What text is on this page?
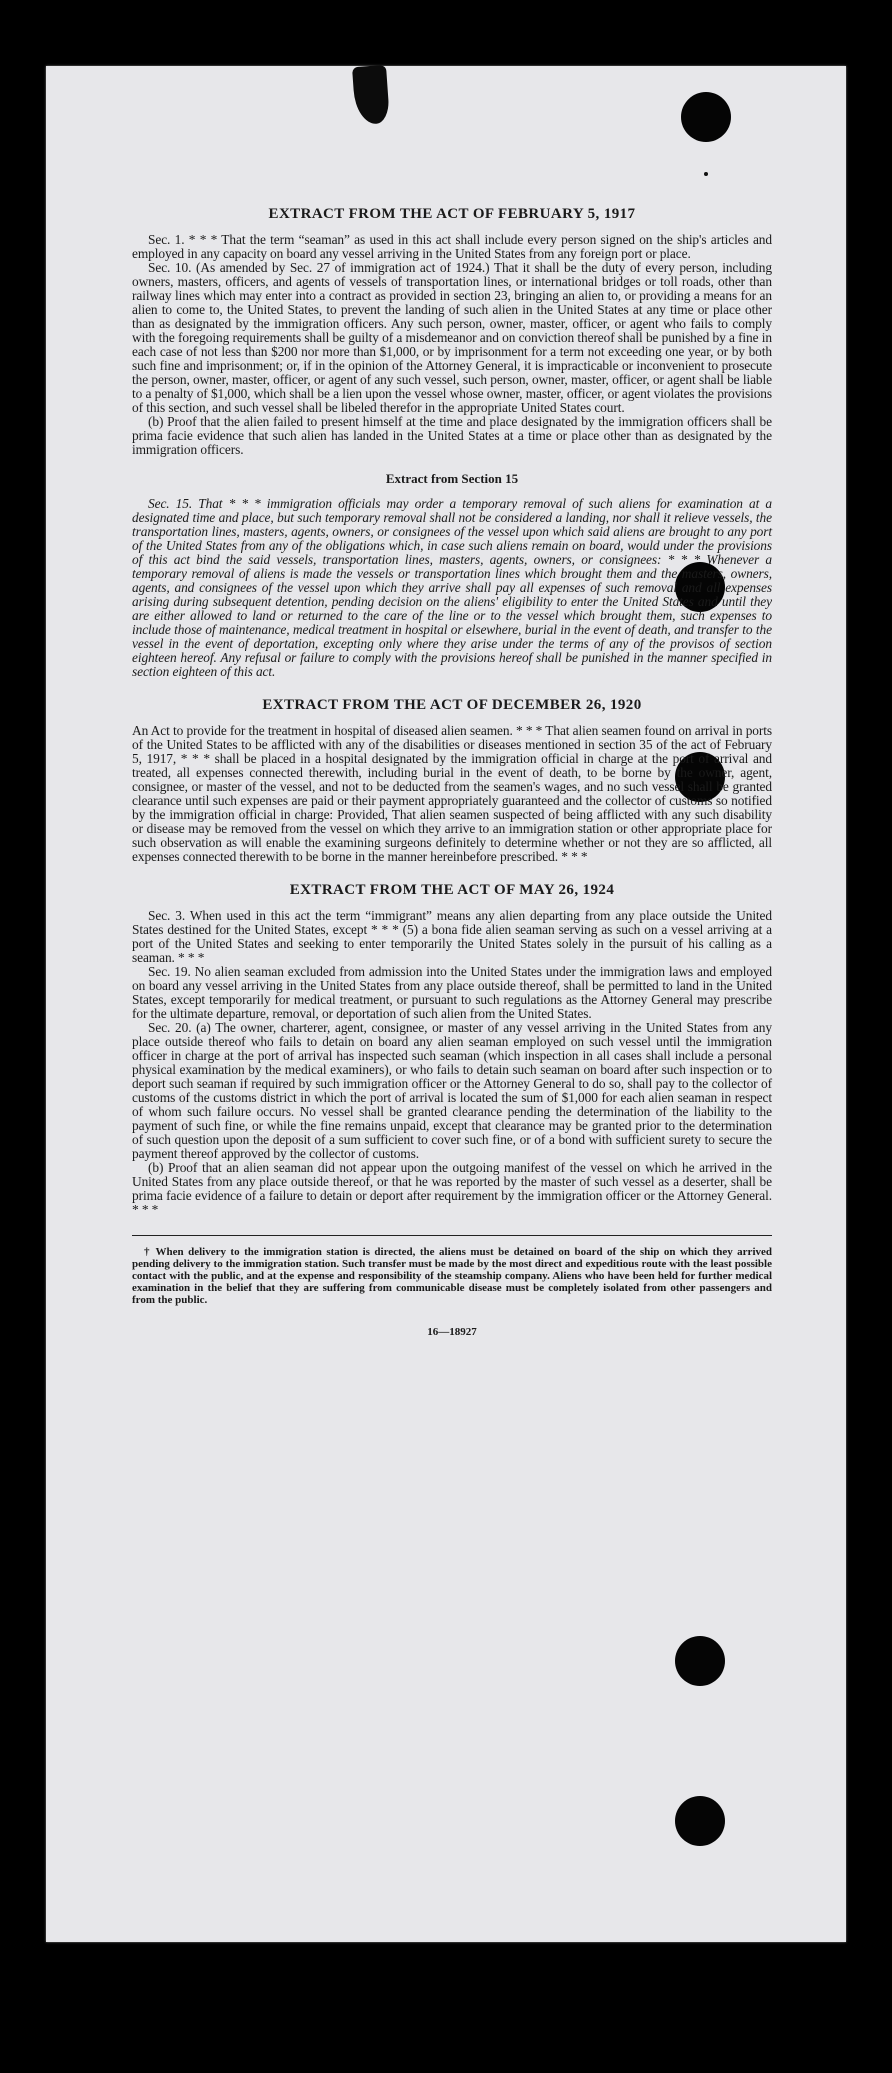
EXTRACT FROM THE ACT OF FEBRUARY 5, 1917

Sec. 1. * * * That the term “seaman” as used in this act shall include every person signed on the ship's articles and employed in any capacity on board any vessel arriving in the United States from any foreign port or place.

Sec. 10. (As amended by Sec. 27 of immigration act of 1924.) That it shall be the duty of every person, including owners, masters, officers, and agents of vessels of transportation lines, or international bridges or toll roads, other than railway lines which may enter into a contract as provided in section 23, bringing an alien to, or providing a means for an alien to come to, the United States, to prevent the landing of such alien in the United States at any time or place other than as designated by the immigration officers. Any such person, owner, master, officer, or agent who fails to comply with the foregoing requirements shall be guilty of a misdemeanor and on conviction thereof shall be punished by a fine in each case of not less than $200 nor more than $1,000, or by imprisonment for a term not exceeding one year, or by both such fine and imprisonment; or, if in the opinion of the Attorney General, it is impracticable or inconvenient to prosecute the person, owner, master, officer, or agent of any such vessel, such person, owner, master, officer, or agent shall be liable to a penalty of $1,000, which shall be a lien upon the vessel whose owner, master, officer, or agent violates the provisions of this section, and such vessel shall be libeled therefor in the appropriate United States court.

(b) Proof that the alien failed to present himself at the time and place designated by the immigration officers shall be prima facie evidence that such alien has landed in the United States at a time or place other than as designated by the immigration officers.

Extract from Section 15

Sec. 15. That * * * immigration officials may order a temporary removal of such aliens for examination at a designated time and place, but such temporary removal shall not be considered a landing, nor shall it relieve vessels, the transportation lines, masters, agents, owners, or consignees of the vessel upon which said aliens are brought to any port of the United States from any of the obligations which, in case such aliens remain on board, would under the provisions of this act bind the said vessels, transportation lines, masters, agents, owners, or consignees: * * * Whenever a temporary removal of aliens is made the vessels or transportation lines which brought them and the masters, owners, agents, and consignees of the vessel upon which they arrive shall pay all expenses of such removal and all expenses arising during subsequent detention, pending decision on the aliens' eligibility to enter the United States and until they are either allowed to land or returned to the care of the line or to the vessel which brought them, such expenses to include those of maintenance, medical treatment in hospital or elsewhere, burial in the event of death, and transfer to the vessel in the event of deportation, excepting only where they arise under the terms of any of the provisos of section eighteen hereof. Any refusal or failure to comply with the provisions hereof shall be punished in the manner specified in section eighteen of this act.

EXTRACT FROM THE ACT OF DECEMBER 26, 1920

An Act to provide for the treatment in hospital of diseased alien seamen. * * * That alien seamen found on arrival in ports of the United States to be afflicted with any of the disabilities or diseases mentioned in section 35 of the act of February 5, 1917, * * * shall be placed in a hospital designated by the immigration official in charge at the port of arrival and treated, all expenses connected therewith, including burial in the event of death, to be borne by the owner, agent, consignee, or master of the vessel, and not to be deducted from the seamen's wages, and no such vessel shall be granted clearance until such expenses are paid or their payment appropriately guaranteed and the collector of customs so notified by the immigration official in charge: Provided, That alien seamen suspected of being afflicted with any such disability or disease may be removed from the vessel on which they arrive to an immigration station or other appropriate place for such observation as will enable the examining surgeons definitely to determine whether or not they are so afflicted, all expenses connected therewith to be borne in the manner hereinbefore prescribed. * * *

EXTRACT FROM THE ACT OF MAY 26, 1924

Sec. 3. When used in this act the term “immigrant” means any alien departing from any place outside the United States destined for the United States, except * * * (5) a bona fide alien seaman serving as such on a vessel arriving at a port of the United States and seeking to enter temporarily the United States solely in the pursuit of his calling as a seaman. * * *

Sec. 19. No alien seaman excluded from admission into the United States under the immigration laws and employed on board any vessel arriving in the United States from any place outside thereof, shall be permitted to land in the United States, except temporarily for medical treatment, or pursuant to such regulations as the Attorney General may prescribe for the ultimate departure, removal, or deportation of such alien from the United States.

Sec. 20. (a) The owner, charterer, agent, consignee, or master of any vessel arriving in the United States from any place outside thereof who fails to detain on board any alien seaman employed on such vessel until the immigration officer in charge at the port of arrival has inspected such seaman (which inspection in all cases shall include a personal physical examination by the medical examiners), or who fails to detain such seaman on board after such inspection or to deport such seaman if required by such immigration officer or the Attorney General to do so, shall pay to the collector of customs of the customs district in which the port of arrival is located the sum of $1,000 for each alien seaman in respect of whom such failure occurs. No vessel shall be granted clearance pending the determination of the liability to the payment of such fine, or while the fine remains unpaid, except that clearance may be granted prior to the determination of such question upon the deposit of a sum sufficient to cover such fine, or of a bond with sufficient surety to secure the payment thereof approved by the collector of customs.

(b) Proof that an alien seaman did not appear upon the outgoing manifest of the vessel on which he arrived in the United States from any place outside thereof, or that he was reported by the master of such vessel as a deserter, shall be prima facie evidence of a failure to detain or deport after requirement by the immigration officer or the Attorney General. * * *

† When delivery to the immigration station is directed, the aliens must be detained on board of the ship on which they arrived pending delivery to the immigration station. Such transfer must be made by the most direct and expeditious route with the least possible contact with the public, and at the expense and responsibility of the steamship company. Aliens who have been held for further medical examination in the belief that they are suffering from communicable disease must be completely isolated from other passengers and from the public.

16—18927
